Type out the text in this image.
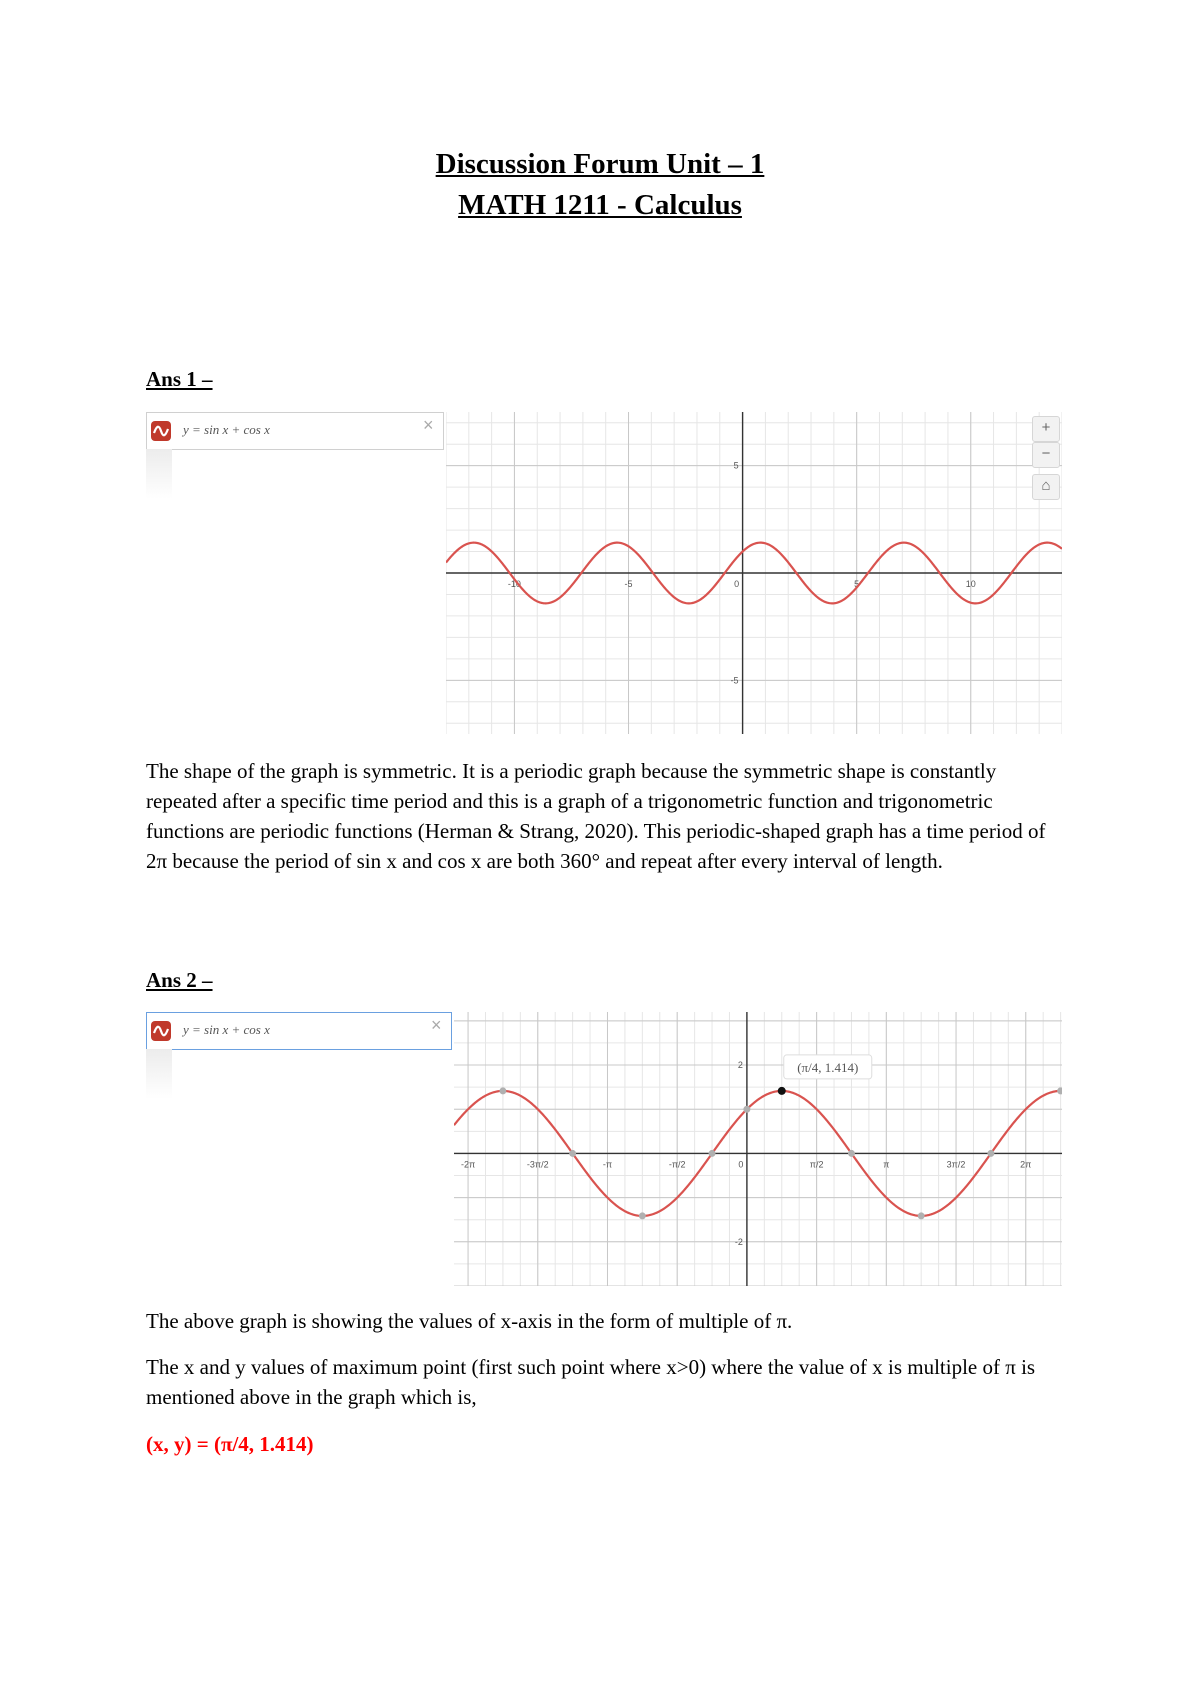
Discussion Forum Unit – 1
MATH 1211 - Calculus
Ans 1 –
y = sin x + cos x	×
-10	-5	0	5	10
5
-5
+
−
⌂
The shape of the graph is symmetric. It is a periodic graph because the symmetric shape is constantly repeated after a specific time period and this is a graph of a trigonometric function and trigonometric functions are periodic functions (Herman & Strang, 2020). This periodic-shaped graph has a time period of 2π because the period of sin x and cos x are both 360° and repeat after every interval of length.
Ans 2 –
y = sin x + cos x	×
-2π	-3π/2	-π	-π/2	0	π/2	π	3π/2	2π
2
-2
(π/4, 1.414)
The above graph is showing the values of x-axis in the form of multiple of π.
The x and y values of maximum point (first such point where x>0) where the value of x is multiple of π is mentioned above in the graph which is,
(x, y) = (π/4, 1.414)
